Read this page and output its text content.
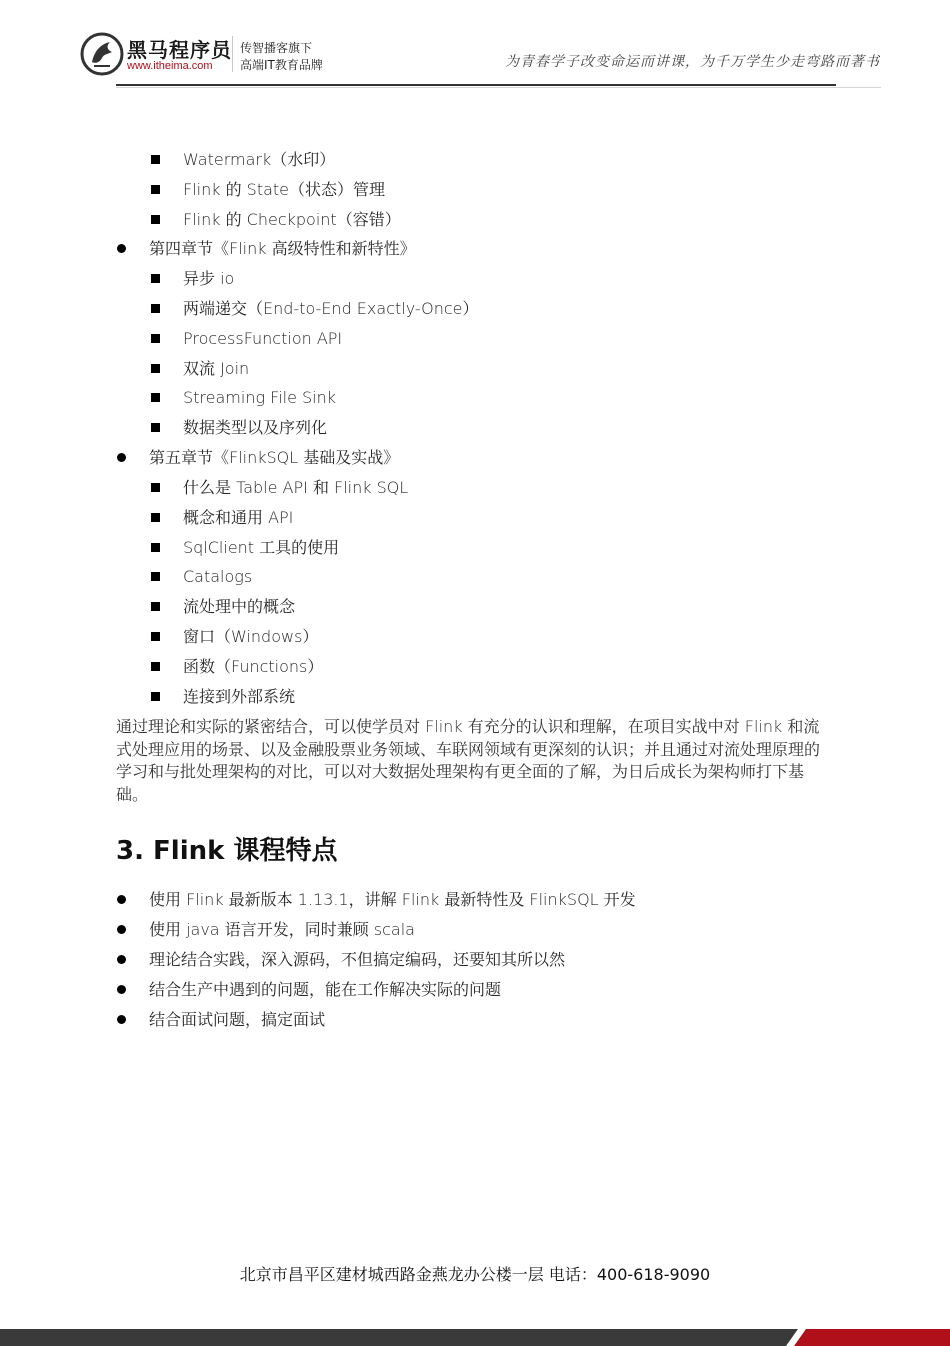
黑马程序员
www.itheima.com
传智播客旗下
高端IT教育品牌	为青春学子改变命运而讲课，为千万学生少走弯路而著书
Watermark（水印）
Flink 的 State（状态）管理
Flink 的 Checkpoint（容错）
第四章节《Flink 高级特性和新特性》
异步 io
两端递交（End-to-End Exactly-Once）
ProcessFunction API
双流 Join
Streaming File Sink
数据类型以及序列化
第五章节《FlinkSQL 基础及实战》
什么是 Table API 和 Flink SQL
概念和通用 API
SqlClient 工具的使用
Catalogs
流处理中的概念
窗口（Windows）
函数（Functions）
连接到外部系统

通过理论和实际的紧密结合，可以使学员对 Flink 有充分的认识和理解，在项目实战中对 Flink 和流式处理应用的场景、以及金融股票业务领域、车联网领域有更深刻的认识；并且通过对流处理原理的学习和与批处理架构的对比，可以对大数据处理架构有更全面的了解，为日后成长为架构师打下基础。

3. Flink 课程特点
使用 Flink 最新版本 1.13.1，讲解 Flink 最新特性及 FlinkSQL 开发
使用 java 语言开发，同时兼顾 scala
理论结合实践，深入源码，不但搞定编码，还要知其所以然
结合生产中遇到的问题，能在工作解决实际的问题
结合面试问题，搞定面试
北京市昌平区建材城西路金燕龙办公楼一层 电话：400-618-9090
